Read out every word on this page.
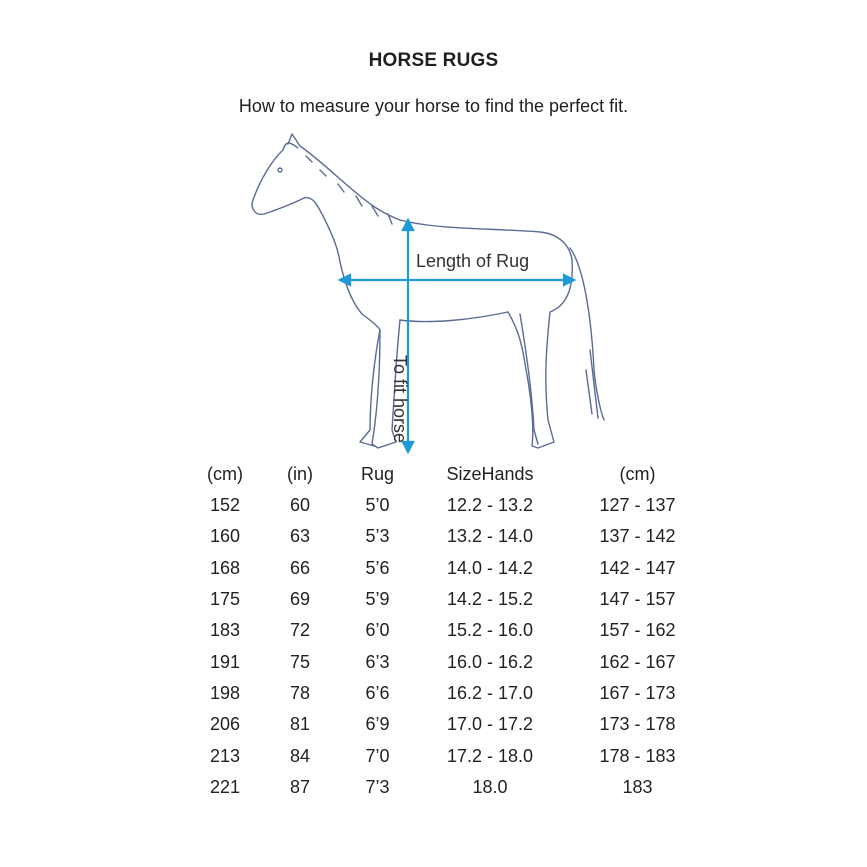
HORSE RUGS
How to measure your horse to find the perfect fit.
Length of Rug
To fit horse
(cm)	(in)	Rug	SizeHands	(cm)
152	60	5’0	12.2 - 13.2	127 - 137
160	63	5’3	13.2 - 14.0	137 - 142
168	66	5’6	14.0 - 14.2	142 - 147
175	69	5’9	14.2 - 15.2	147 - 157
183	72	6’0	15.2 - 16.0	157 - 162
191	75	6’3	16.0 - 16.2	162 - 167
198	78	6’6	16.2 - 17.0	167 - 173
206	81	6’9	17.0 - 17.2	173 - 178
213	84	7’0	17.2 - 18.0	178 - 183
221	87	7’3	18.0	183
